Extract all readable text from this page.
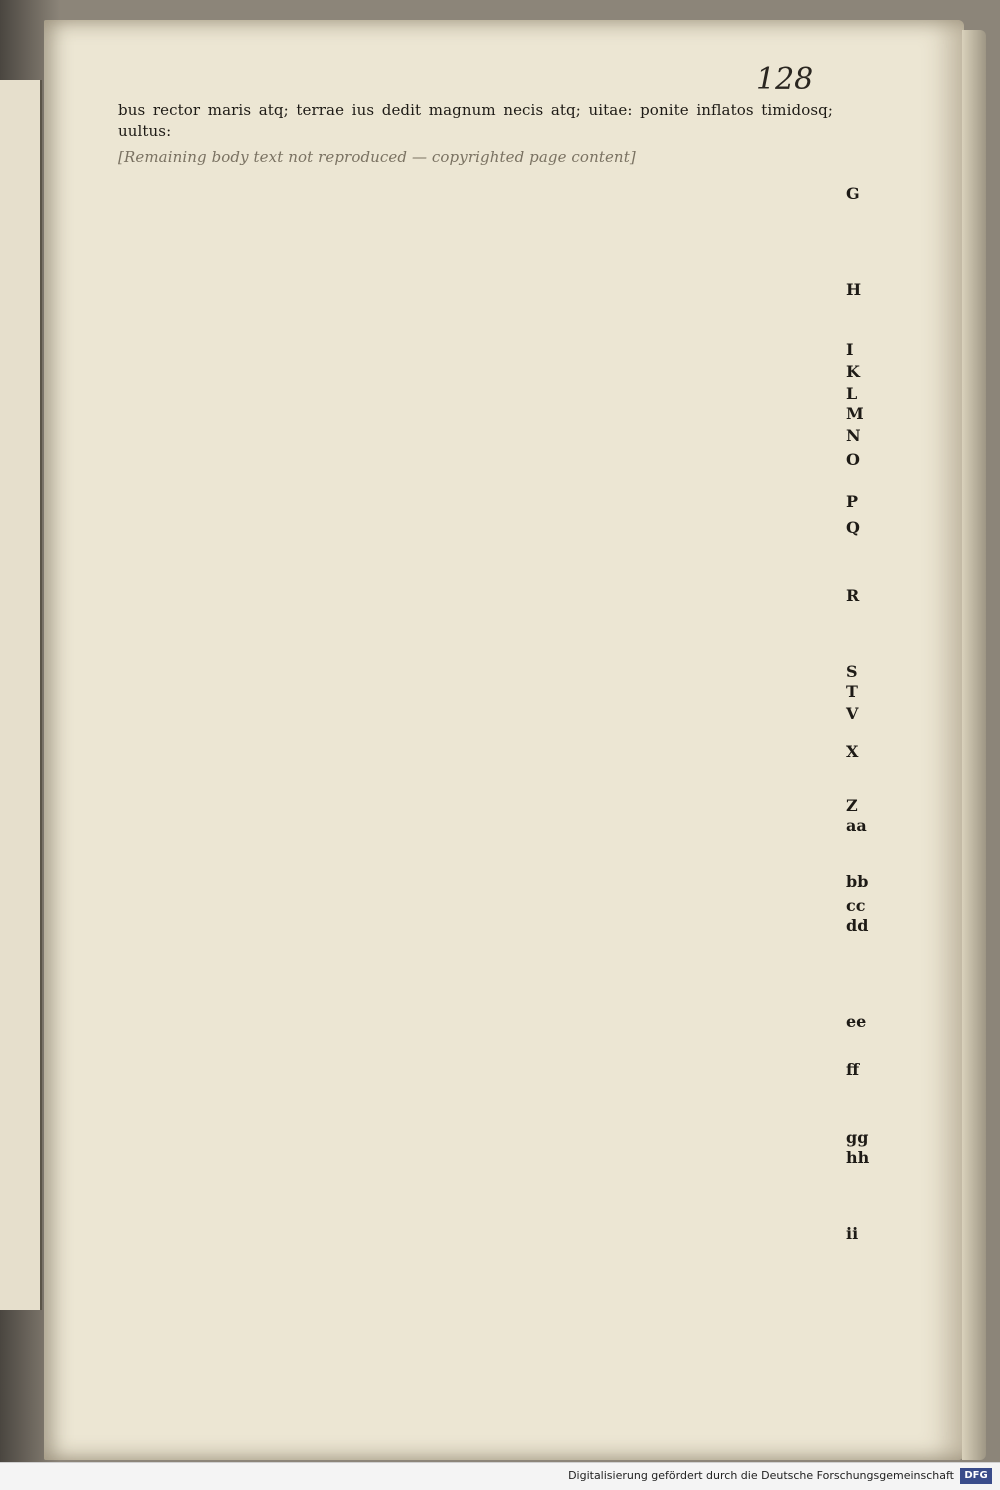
128

bus rector maris atq; terrae ius dedit magnum necis atq; uitae: ponite inflatos timidosq; uultus:

[Remaining body text not reproduced — copyrighted page content]

G
H
I
K
L
M
N
O
P
Q
R
S
T
V
X
Z
aa
bb
cc
dd
ee
ff
gg
hh
ii
Digitalisierung gefördert durch die Deutsche Forschungsgemeinschaft	DFG
